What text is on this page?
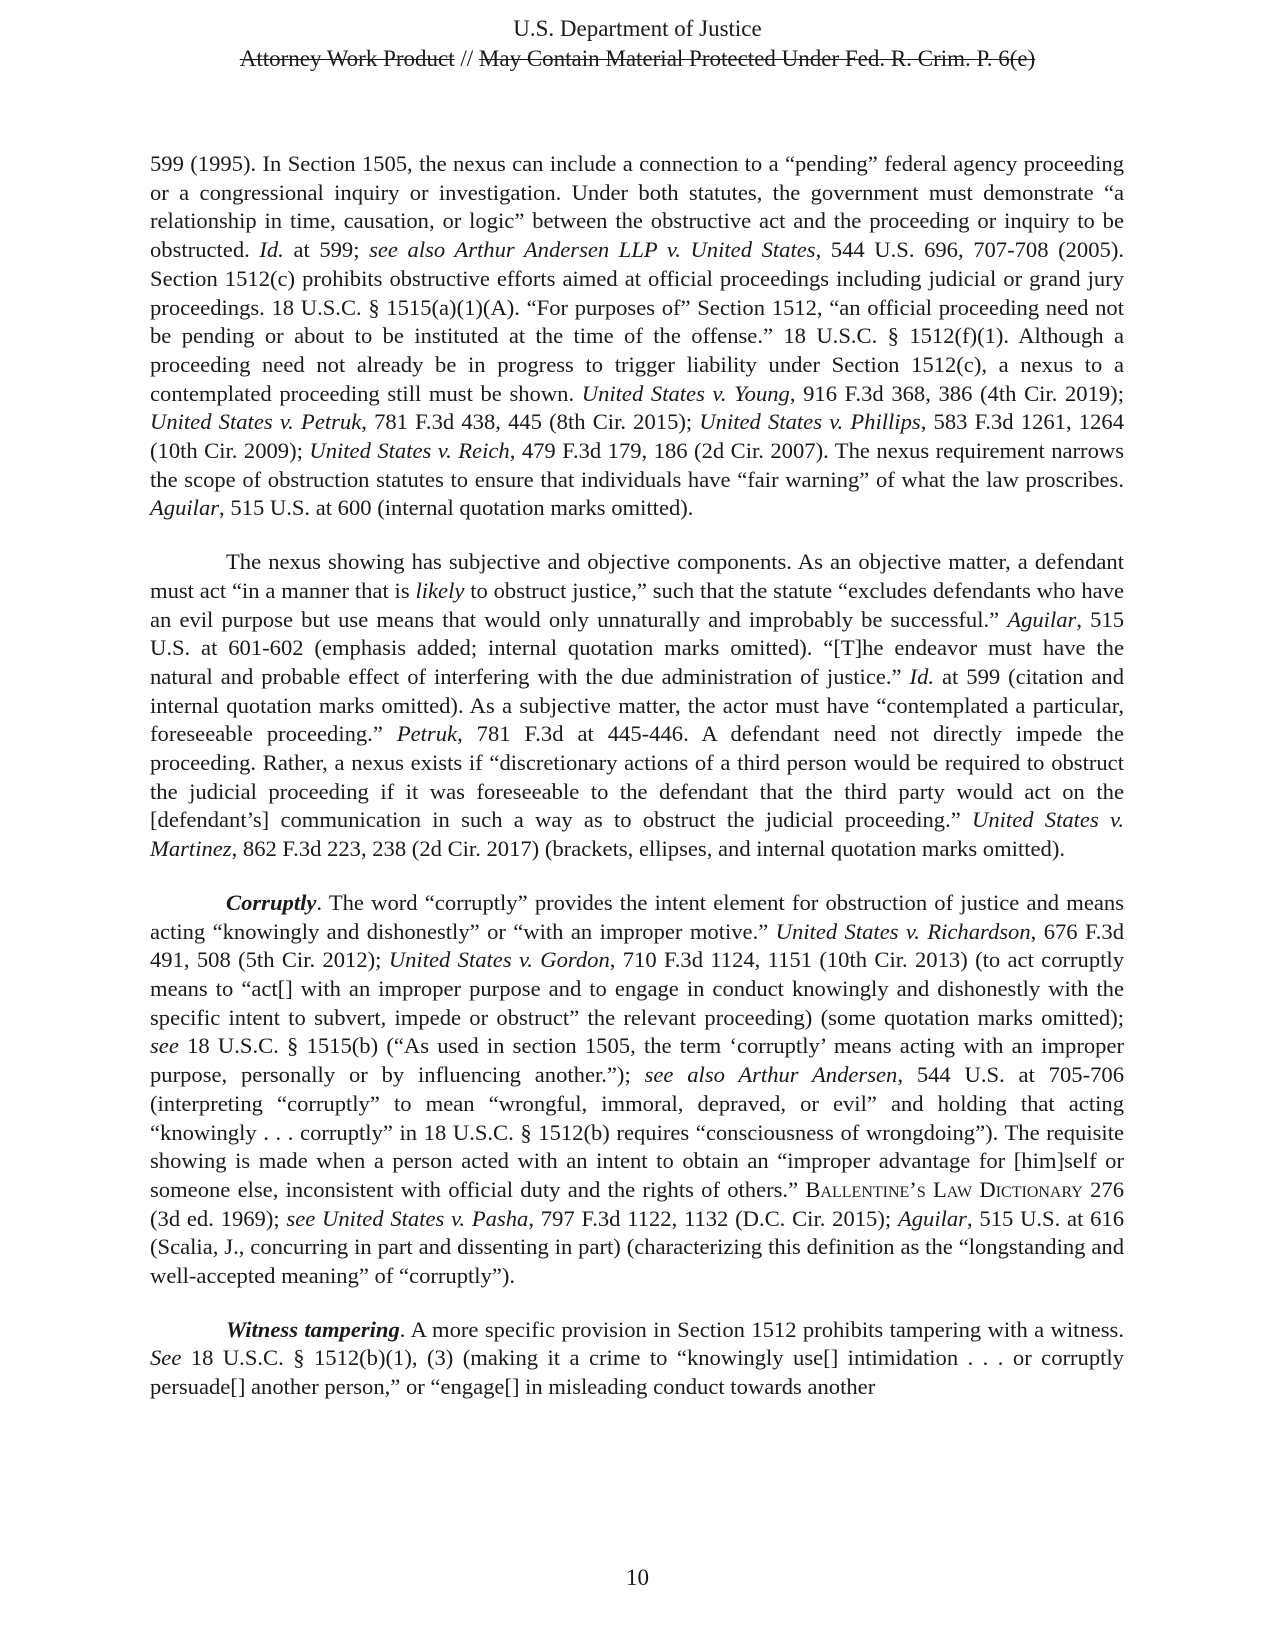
U.S. Department of Justice
Attorney Work Product // May Contain Material Protected Under Fed. R. Crim. P. 6(e)

599 (1995). In Section 1505, the nexus can include a connection to a “pending” federal agency proceeding or a congressional inquiry or investigation. Under both statutes, the government must demonstrate “a relationship in time, causation, or logic” between the obstructive act and the proceeding or inquiry to be obstructed. Id. at 599; see also Arthur Andersen LLP v. United States, 544 U.S. 696, 707-708 (2005). Section 1512(c) prohibits obstructive efforts aimed at official proceedings including judicial or grand jury proceedings. 18 U.S.C. § 1515(a)(1)(A). “For purposes of” Section 1512, “an official proceeding need not be pending or about to be instituted at the time of the offense.” 18 U.S.C. § 1512(f)(1). Although a proceeding need not already be in progress to trigger liability under Section 1512(c), a nexus to a contemplated proceeding still must be shown. United States v. Young, 916 F.3d 368, 386 (4th Cir. 2019); United States v. Petruk, 781 F.3d 438, 445 (8th Cir. 2015); United States v. Phillips, 583 F.3d 1261, 1264 (10th Cir. 2009); United States v. Reich, 479 F.3d 179, 186 (2d Cir. 2007). The nexus requirement narrows the scope of obstruction statutes to ensure that individuals have “fair warning” of what the law proscribes. Aguilar, 515 U.S. at 600 (internal quotation marks omitted).

The nexus showing has subjective and objective components. As an objective matter, a defendant must act “in a manner that is likely to obstruct justice,” such that the statute “excludes defendants who have an evil purpose but use means that would only unnaturally and improbably be successful.” Aguilar, 515 U.S. at 601-602 (emphasis added; internal quotation marks omitted). “[T]he endeavor must have the natural and probable effect of interfering with the due administration of justice.” Id. at 599 (citation and internal quotation marks omitted). As a subjective matter, the actor must have “contemplated a particular, foreseeable proceeding.” Petruk, 781 F.3d at 445-446. A defendant need not directly impede the proceeding. Rather, a nexus exists if “discretionary actions of a third person would be required to obstruct the judicial proceeding if it was foreseeable to the defendant that the third party would act on the [defendant’s] communication in such a way as to obstruct the judicial proceeding.” United States v. Martinez, 862 F.3d 223, 238 (2d Cir. 2017) (brackets, ellipses, and internal quotation marks omitted).

Corruptly. The word “corruptly” provides the intent element for obstruction of justice and means acting “knowingly and dishonestly” or “with an improper motive.” United States v. Richardson, 676 F.3d 491, 508 (5th Cir. 2012); United States v. Gordon, 710 F.3d 1124, 1151 (10th Cir. 2013) (to act corruptly means to “act[] with an improper purpose and to engage in conduct knowingly and dishonestly with the specific intent to subvert, impede or obstruct” the relevant proceeding) (some quotation marks omitted); see 18 U.S.C. § 1515(b) (“As used in section 1505, the term ‘corruptly’ means acting with an improper purpose, personally or by influencing another.”); see also Arthur Andersen, 544 U.S. at 705-706 (interpreting “corruptly” to mean “wrongful, immoral, depraved, or evil” and holding that acting “knowingly . . . corruptly” in 18 U.S.C. § 1512(b) requires “consciousness of wrongdoing”). The requisite showing is made when a person acted with an intent to obtain an “improper advantage for [him]self or someone else, inconsistent with official duty and the rights of others.” Ballentine’s Law Dictionary 276 (3d ed. 1969); see United States v. Pasha, 797 F.3d 1122, 1132 (D.C. Cir. 2015); Aguilar, 515 U.S. at 616 (Scalia, J., concurring in part and dissenting in part) (characterizing this definition as the “longstanding and well-accepted meaning” of “corruptly”).

Witness tampering. A more specific provision in Section 1512 prohibits tampering with a witness. See 18 U.S.C. § 1512(b)(1), (3) (making it a crime to “knowingly use[] intimidation . . . or corruptly persuade[] another person,” or “engage[] in misleading conduct towards another

10
